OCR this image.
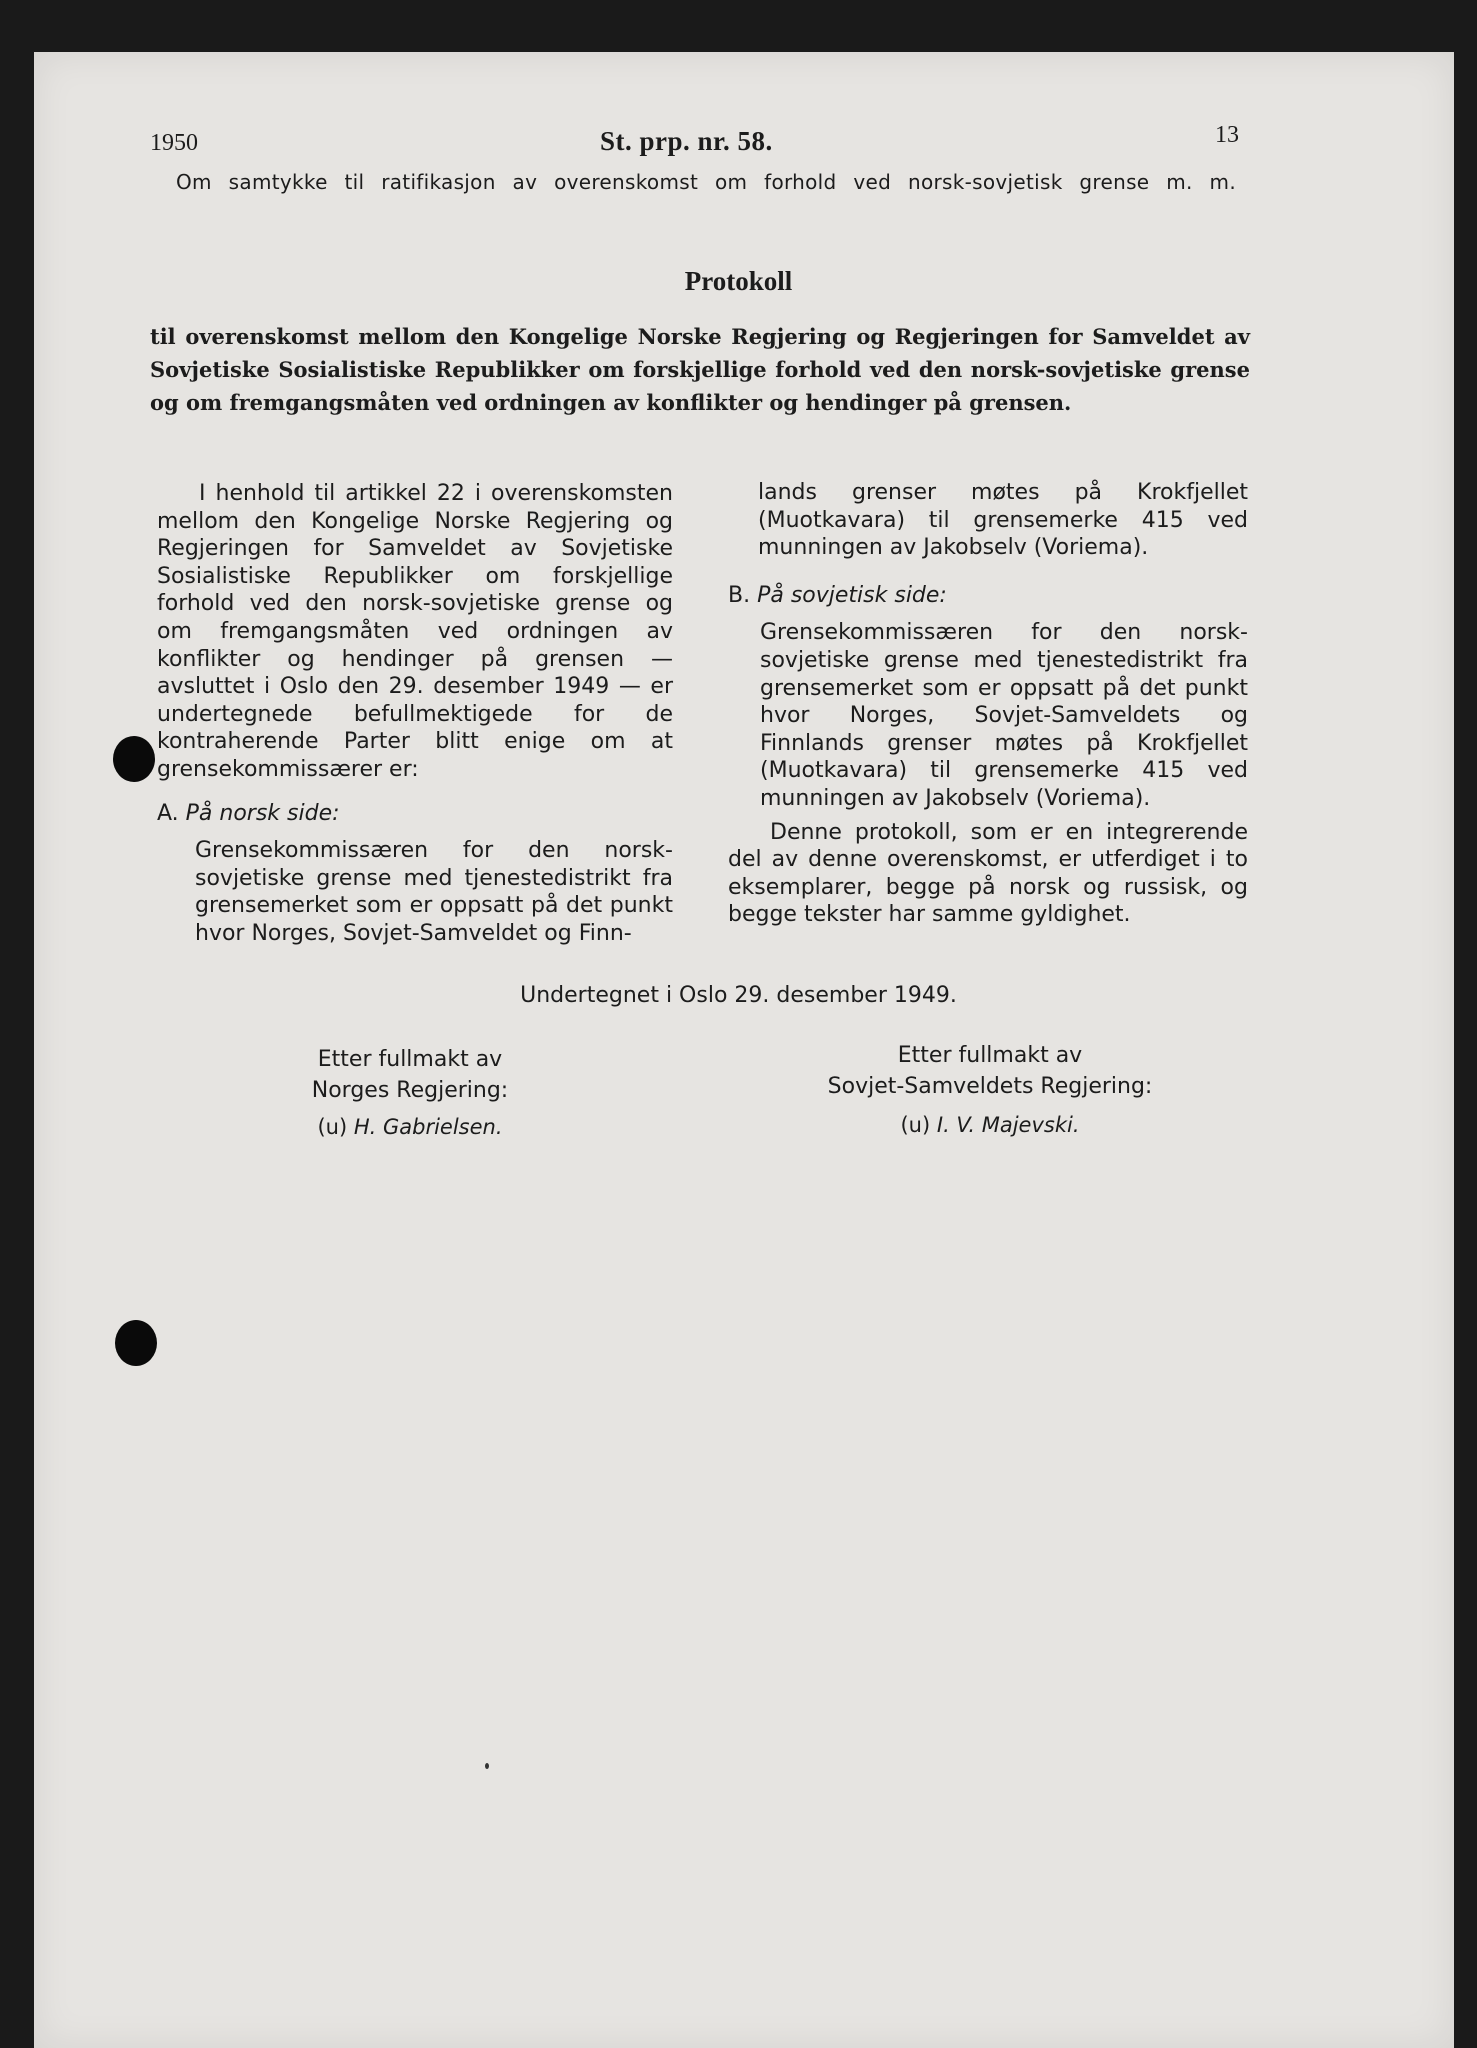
1950	St. prp. nr. 58.	13
Om samtykke til ratifikasjon av overenskomst om forhold ved norsk-sovjetisk grense m. m.
Protokoll
til overenskomst mellom den Kongelige Norske Regjering og Regjeringen for Samveldet av Sovjetiske Sosialistiske Republikker om forskjellige forhold ved den norsk-sovjetiske grense og om fremgangsmåten ved ordningen av konflikter og hendinger på grensen.

I henhold til artikkel 22 i overenskomsten mellom den Kongelige Norske Regjering og Regjeringen for Samveldet av Sovjetiske Sosialistiske Republikker om forskjellige forhold ved den norsk-sovjetiske grense og om fremgangsmåten ved ordningen av konflikter og hendinger på grensen — avsluttet i Oslo den 29. desember 1949 — er undertegnede befullmektigede for de kontraherende Parter blitt enige om at grensekommissærer er:

A. På norsk side:

Grensekommissæren for den norsk-sovjetiske grense med tjenestedistrikt fra grensemerket som er oppsatt på det punkt hvor Norges, Sovjet-Samveldet og Finn-

lands grenser møtes på Krokfjellet (Muotkavara) til grensemerke 415 ved munningen av Jakobselv (Voriema).

B. På sovjetisk side:

Grensekommissæren for den norsk-sovjetiske grense med tjenestedistrikt fra grensemerket som er oppsatt på det punkt hvor Norges, Sovjet-Samveldets og Finnlands grenser møtes på Krokfjellet (Muotkavara) til grensemerke 415 ved munningen av Jakobselv (Voriema).

Denne protokoll, som er en integrerende del av denne overenskomst, er utferdiget i to eksemplarer, begge på norsk og russisk, og begge tekster har samme gyldighet.

Undertegnet i Oslo 29. desember 1949.
Etter fullmakt av
Norges Regjering:
(u) H. Gabrielsen.
Etter fullmakt av
Sovjet-Samveldets Regjering:
(u) I. V. Majevski.
